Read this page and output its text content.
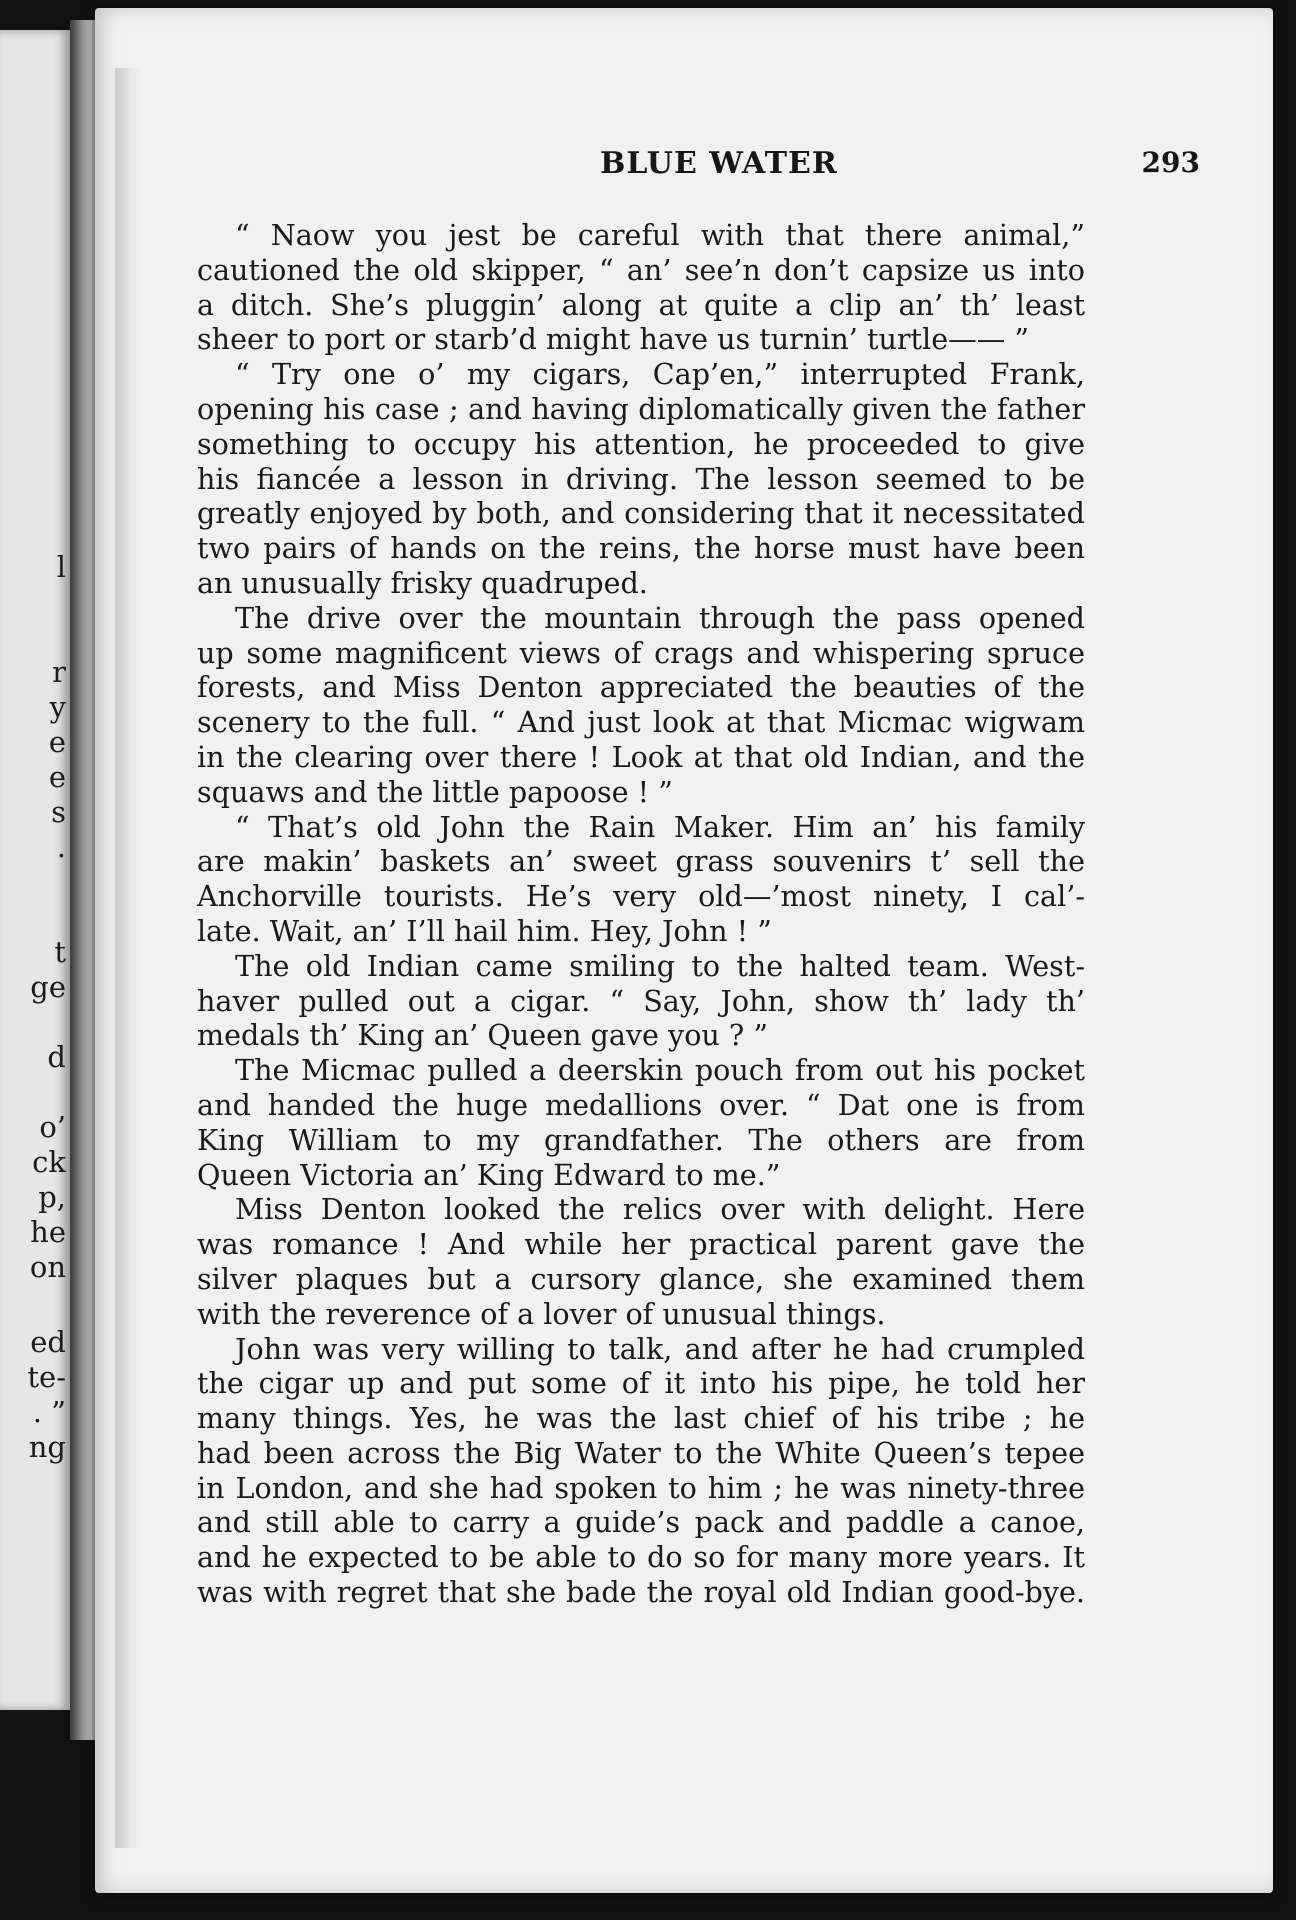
l
r
y
e
e
s
.
t
ge
d
o’
ck
p,
he
on
ed
te-
. ”
ng
BLUE WATER	293
“ Naow you jest be careful with that there animal,”
cautioned the old skipper, “ an’ see’n don’t capsize us into
a ditch. She’s pluggin’ along at quite a clip an’ th’ least
sheer to port or starb’d might have us turnin’ turtle—— ”
“ Try one o’ my cigars, Cap’en,” interrupted Frank,
opening his case ; and having diplomatically given the father
something to occupy his attention, he proceeded to give
his fiancée a lesson in driving. The lesson seemed to be
greatly enjoyed by both, and considering that it necessitated
two pairs of hands on the reins, the horse must have been
an unusually frisky quadruped.
The drive over the mountain through the pass opened
up some magnificent views of crags and whispering spruce
forests, and Miss Denton appreciated the beauties of the
scenery to the full. “ And just look at that Micmac wigwam
in the clearing over there ! Look at that old Indian, and the
squaws and the little papoose ! ”
“ That’s old John the Rain Maker. Him an’ his family
are makin’ baskets an’ sweet grass souvenirs t’ sell the
Anchorville tourists. He’s very old—’most ninety, I cal’-
late. Wait, an’ I’ll hail him. Hey, John ! ”
The old Indian came smiling to the halted team. West-
haver pulled out a cigar. “ Say, John, show th’ lady th’
medals th’ King an’ Queen gave you ? ”
The Micmac pulled a deerskin pouch from out his pocket
and handed the huge medallions over. “ Dat one is from
King William to my grandfather. The others are from
Queen Victoria an’ King Edward to me.”
Miss Denton looked the relics over with delight. Here
was romance ! And while her practical parent gave the
silver plaques but a cursory glance, she examined them
with the reverence of a lover of unusual things.
John was very willing to talk, and after he had crumpled
the cigar up and put some of it into his pipe, he told her
many things. Yes, he was the last chief of his tribe ; he
had been across the Big Water to the White Queen’s tepee
in London, and she had spoken to him ; he was ninety-three
and still able to carry a guide’s pack and paddle a canoe,
and he expected to be able to do so for many more years. It
was with regret that she bade the royal old Indian good-bye.
